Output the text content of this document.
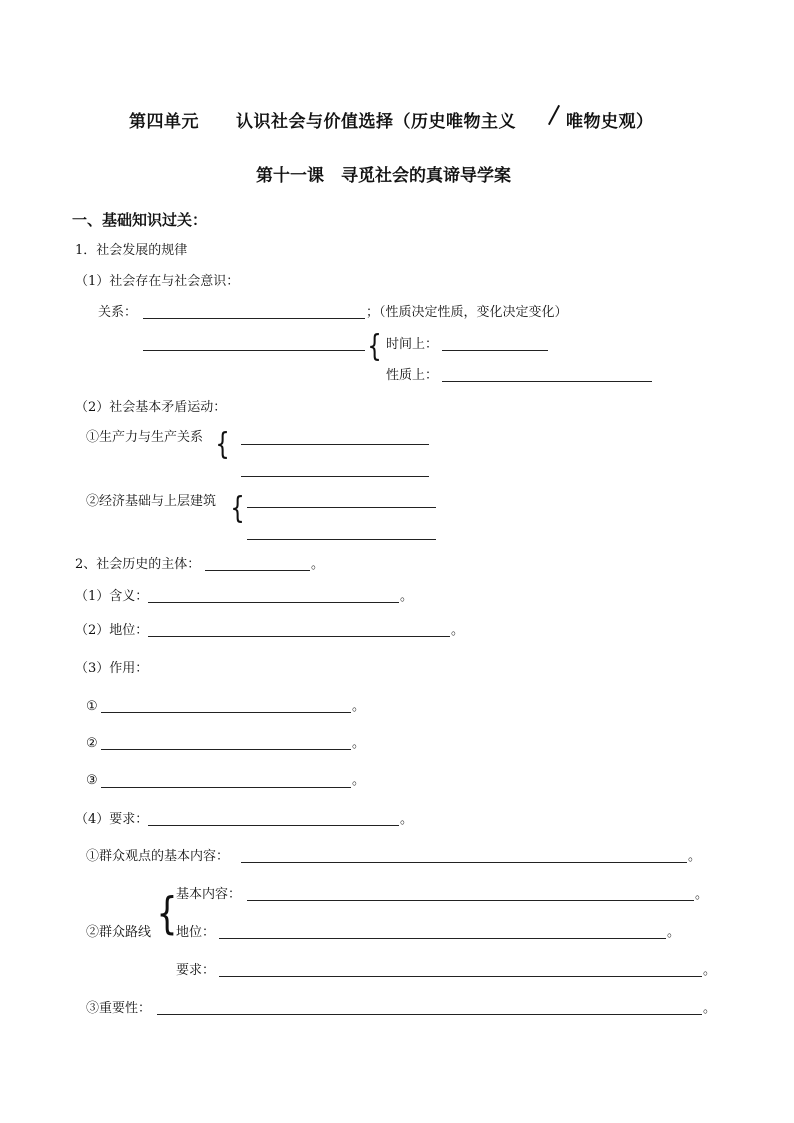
第四单元 认识社会与价值选择（历史唯物主义	唯物史观）
第十一课　寻觅社会的真谛导学案
一、基础知识过关：
1．社会发展的规律
（1）社会存在与社会意识：
关系：	；（性质决定性质，变化决定变化）
{ 时间上：
性质上：
（2）社会基本矛盾运动：
①生产力与生产关系 {
②经济基础与上层建筑 {
2、社会历史的主体：	。
（1）含义：	。
（2）地位：	。
（3）作用：
①	。
②	。
③	。
（4）要求：	。
①群众观点的基本内容：	。
{
基本内容：	。
②群众路线 地位：	。
要求：	。
③重要性：	。
